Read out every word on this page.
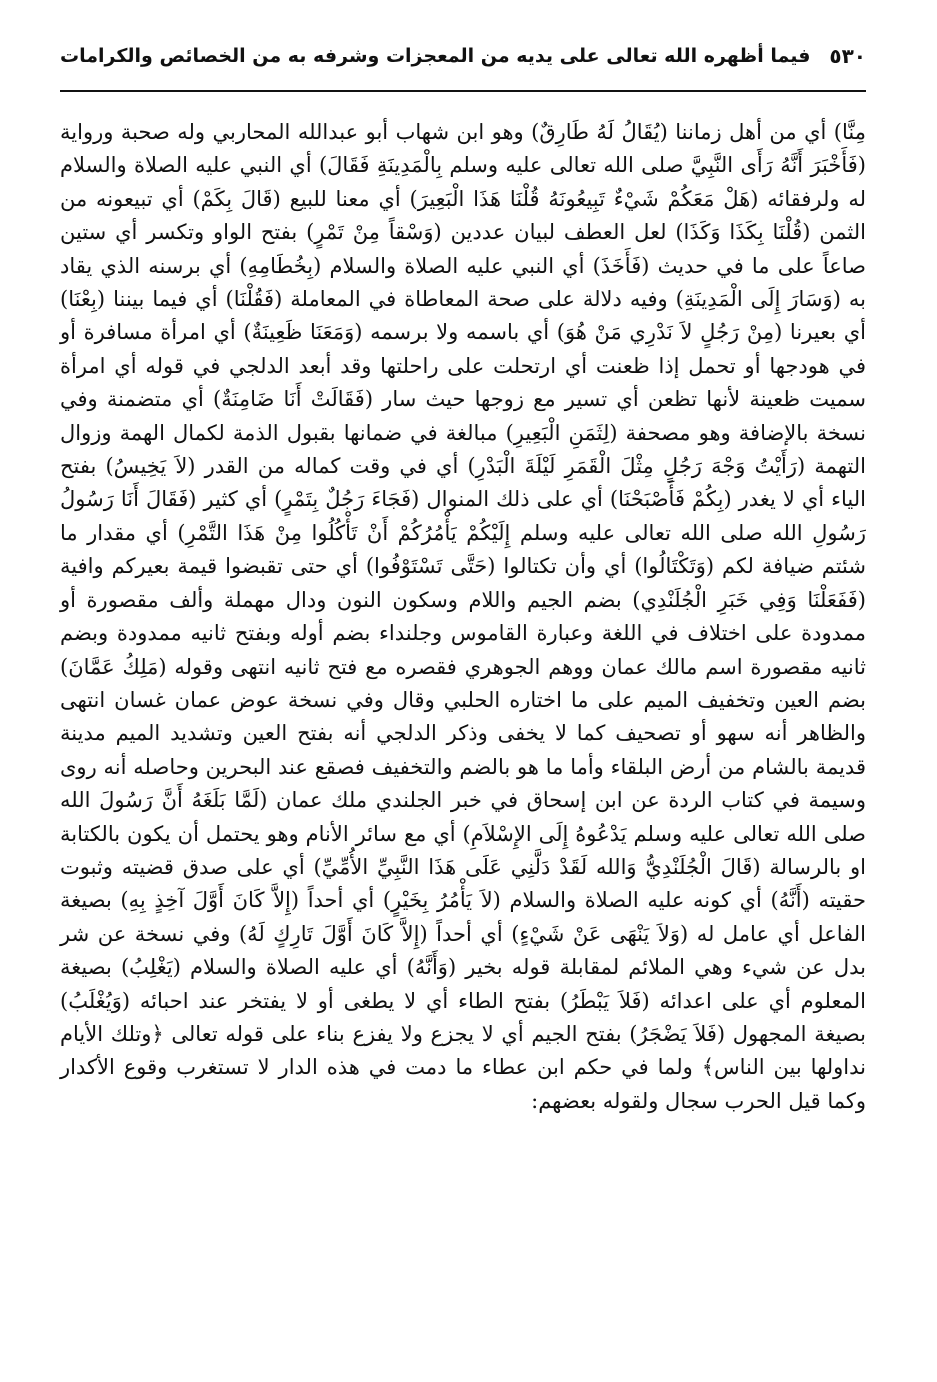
٥٣٠
فيما أظهره الله تعالى على يديه من المعجزات وشرفه به من الخصائص والكرامات

مِنَّا) أي من أهل زماننا (يُقَالُ لَهُ طَارِقٌ) وهو ابن شهاب أبو عبدالله المحاربي وله صحبة ورواية (فَأَخْبَرَ أَنَّهُ رَأَى النَّبِيَّ صلى الله تعالى عليه وسلم بِالْمَدِينَةِ فَقَالَ) أي النبي عليه الصلاة والسلام له ولرفقائه (هَلْ مَعَكُمْ شَيْءٌ تَبِيعُونَهُ قُلْنَا هَذَا الْبَعِيرَ) أي معنا للبيع (قَالَ بِكَمْ) أي تبيعونه من الثمن (قُلْنَا بِكَذَا وَكَذَا) لعل العطف لبيان عددين (وَسْقاً مِنْ تَمْرٍ) بفتح الواو وتكسر أي ستين صاعاً على ما في حديث (فَأَخَذَ) أي النبي عليه الصلاة والسلام (بِخُطَامِهِ) أي برسنه الذي يقاد به (وَسَارَ إِلَى الْمَدِينَةِ) وفيه دلالة على صحة المعاطاة في المعاملة (فَقُلْنَا) أي فيما بيننا (بِعْنَا) أي بعيرنا (مِنْ رَجُلٍ لاَ نَدْرِي مَنْ هُوَ) أي باسمه ولا برسمه (وَمَعَنَا ظَعِينَةٌ) أي امرأة مسافرة أو في هودجها أو تحمل إذا ظعنت أي ارتحلت على راحلتها وقد أبعد الدلجي في قوله أي امرأة سميت ظعينة لأنها تظعن أي تسير مع زوجها حيث سار (فَقَالَتْ أَنَا ضَامِنَةٌ) أي متضمنة وفي نسخة بالإضافة وهو مصحفة (لِثَمَنِ الْبَعِيرِ) مبالغة في ضمانها بقبول الذمة لكمال الهمة وزوال التهمة (رَأَيْتُ وَجْهَ رَجُلٍ مِثْلَ الْقَمَرِ لَيْلَةَ الْبَدْرِ) أي في وقت كماله من القدر (لاَ يَخِيسُ) بفتح الياء أي لا يغدر (بِكُمْ فَأَصْبَحْنَا) أي على ذلك المنوال (فَجَاءَ رَجُلٌ بِتَمْرٍ) أي كثير (فَقَالَ أَنَا رَسُولُ رَسُولِ الله صلى الله تعالى عليه وسلم إِلَيْكُمْ يَأْمُرُكُمْ أَنْ تَأْكُلُوا مِنْ هَذَا التَّمْرِ) أي مقدار ما شئتم ضيافة لكم (وَتَكْتَالُوا) أي وأن تكتالوا (حَتَّى تَسْتَوْفُوا) أي حتى تقبضوا قيمة بعيركم وافية (فَفَعَلْنَا وَفِي خَبَرِ الْجُلَنْدِي) بضم الجيم واللام وسكون النون ودال مهملة وألف مقصورة أو ممدودة على اختلاف في اللغة وعبارة القاموس وجلنداء بضم أوله وبفتح ثانيه ممدودة وبضم ثانيه مقصورة اسم مالك عمان ووهم الجوهري فقصره مع فتح ثانيه انتهى وقوله (مَلِكُ عَمَّانَ) بضم العين وتخفيف الميم على ما اختاره الحلبي وقال وفي نسخة عوض عمان غسان انتهى والظاهر أنه سهو أو تصحيف كما لا يخفى وذكر الدلجي أنه بفتح العين وتشديد الميم مدينة قديمة بالشام من أرض البلقاء وأما ما هو بالضم والتخفيف فصقع عند البحرين وحاصله أنه روى وسيمة في كتاب الردة عن ابن إسحاق في خبر الجلندي ملك عمان (لَمَّا بَلَغَهُ أَنَّ رَسُولَ الله صلى الله تعالى عليه وسلم يَدْعُوهُ إِلَى الإِسْلاَمِ) أي مع سائر الأنام وهو يحتمل أن يكون بالكتابة او بالرسالة (قَالَ الْجُلَنْدِيُّ وَالله لَقَدْ دَلَّنِي عَلَى هَذَا النَّبِيِّ الأُمِّيِّ) أي على صدق قضيته وثبوت حقيته (أَنَّهُ) أي كونه عليه الصلاة والسلام (لاَ يَأْمُرُ بِخَيْرٍ) أي أحداً (إِلاَّ كَانَ أَوَّلَ آخِذٍ بِهِ) بصيغة الفاعل أي عامل له (وَلاَ يَنْهَى عَنْ شَيْءٍ) أي أحداً (إِلاَّ كَانَ أَوَّلَ تَارِكٍ لَهُ) وفي نسخة عن شر بدل عن شيء وهي الملائم لمقابلة قوله بخير (وَأَنَّهُ) أي عليه الصلاة والسلام (يَغْلِبُ) بصيغة المعلوم أي على اعدائه (فَلاَ يَبْطَرُ) بفتح الطاء أي لا يطغى أو لا يفتخر عند احبائه (وَيُغْلَبُ) بصيغة المجهول (فَلاَ يَضْجَرُ) بفتح الجيم أي لا يجزع ولا يفزع بناء على قوله تعالى ﴿وتلك الأيام نداولها بين الناس﴾ ولما في حكم ابن عطاء ما دمت في هذه الدار لا تستغرب وقوع الأكدار وكما قيل الحرب سجال ولقوله بعضهم:
